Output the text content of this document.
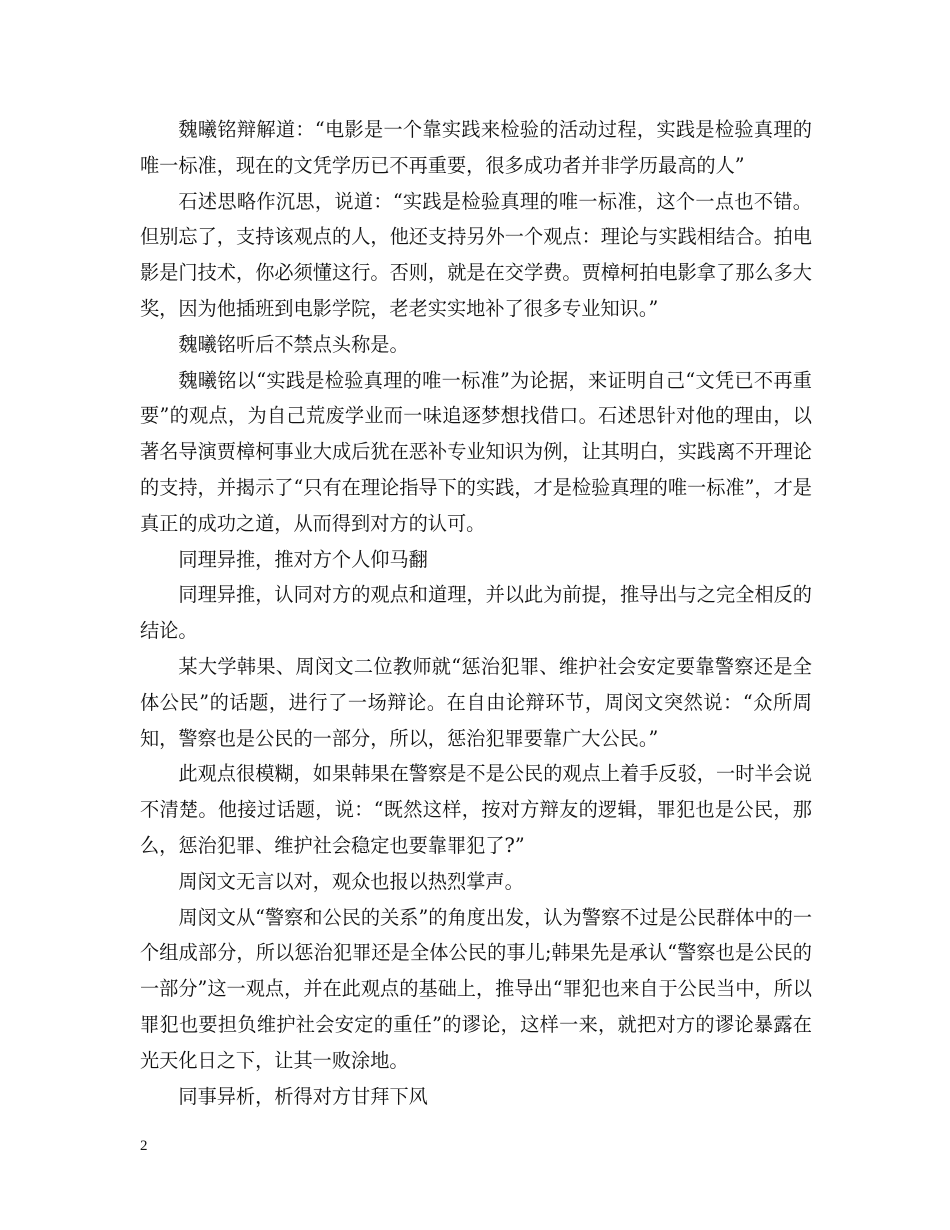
魏曦铭辩解道：“电影是一个靠实践来检验的活动过程，实践是检验真理的唯一标准，现在的文凭学历已不再重要，很多成功者并非学历最高的人”

石述思略作沉思，说道：“实践是检验真理的唯一标准，这个一点也不错。但别忘了，支持该观点的人，他还支持另外一个观点：理论与实践相结合。拍电影是门技术，你必须懂这行。否则，就是在交学费。贾樟柯拍电影拿了那么多大奖，因为他插班到电影学院，老老实实地补了很多专业知识。”

魏曦铭听后不禁点头称是。

魏曦铭以“实践是检验真理的唯一标准”为论据，来证明自己“文凭已不再重要”的观点，为自己荒废学业而一味追逐梦想找借口。石述思针对他的理由，以著名导演贾樟柯事业大成后犹在恶补专业知识为例，让其明白，实践离不开理论的支持，并揭示了“只有在理论指导下的实践，才是检验真理的唯一标准”，才是真正的成功之道，从而得到对方的认可。

同理异推，推对方个人仰马翻

同理异推，认同对方的观点和道理，并以此为前提，推导出与之完全相反的结论。

某大学韩果、周闵文二位教师就“惩治犯罪、维护社会安定要靠警察还是全体公民”的话题，进行了一场辩论。在自由论辩环节，周闵文突然说：“众所周知，警察也是公民的一部分，所以，惩治犯罪要靠广大公民。”

此观点很模糊，如果韩果在警察是不是公民的观点上着手反驳，一时半会说不清楚。他接过话题，说：“既然这样，按对方辩友的逻辑，罪犯也是公民，那么，惩治犯罪、维护社会稳定也要靠罪犯了?”

周闵文无言以对，观众也报以热烈掌声。

周闵文从“警察和公民的关系”的角度出发，认为警察不过是公民群体中的一个组成部分，所以惩治犯罪还是全体公民的事儿;韩果先是承认“警察也是公民的一部分”这一观点，并在此观点的基础上，推导出“罪犯也来自于公民当中，所以罪犯也要担负维护社会安定的重任”的谬论，这样一来，就把对方的谬论暴露在光天化日之下，让其一败涂地。

同事异析，析得对方甘拜下风

2
